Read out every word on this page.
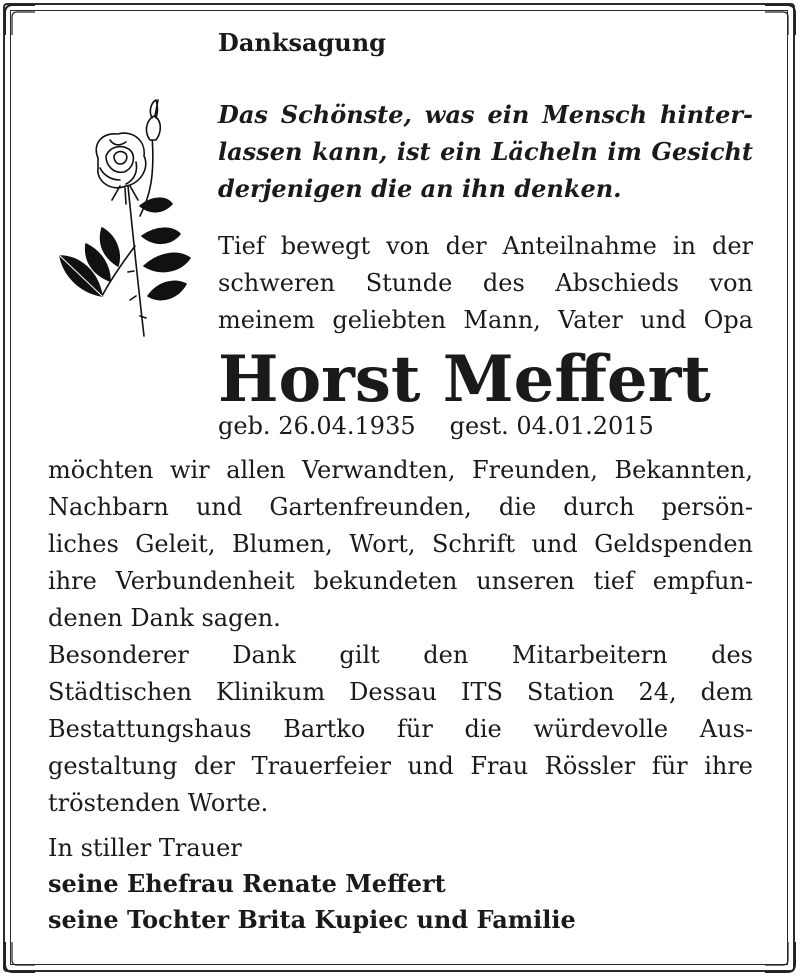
Danksagung
Das Schönste, was ein Mensch hinter-
lassen kann, ist ein Lächeln im Gesicht
derjenigen die an ihn denken.
Tief bewegt von der Anteilnahme in der
schweren Stunde des Abschieds von
meinem geliebten Mann, Vater und Opa
Horst Meffert
geb. 26.04.1935 gest. 04.01.2015
möchten wir allen Verwandten, Freunden, Bekannten,
Nachbarn und Gartenfreunden, die durch persön-
liches Geleit, Blumen, Wort, Schrift und Geldspenden
ihre Verbundenheit bekundeten unseren tief empfun-
denen Dank sagen.
Besonderer Dank gilt den Mitarbeitern des
Städtischen Klinikum Dessau ITS Station 24, dem
Bestattungshaus Bartko für die würdevolle Aus-
gestaltung der Trauerfeier und Frau Rössler für ihre
tröstenden Worte.
In stiller Trauer
seine Ehefrau Renate Meffert
seine Tochter Brita Kupiec und Familie
